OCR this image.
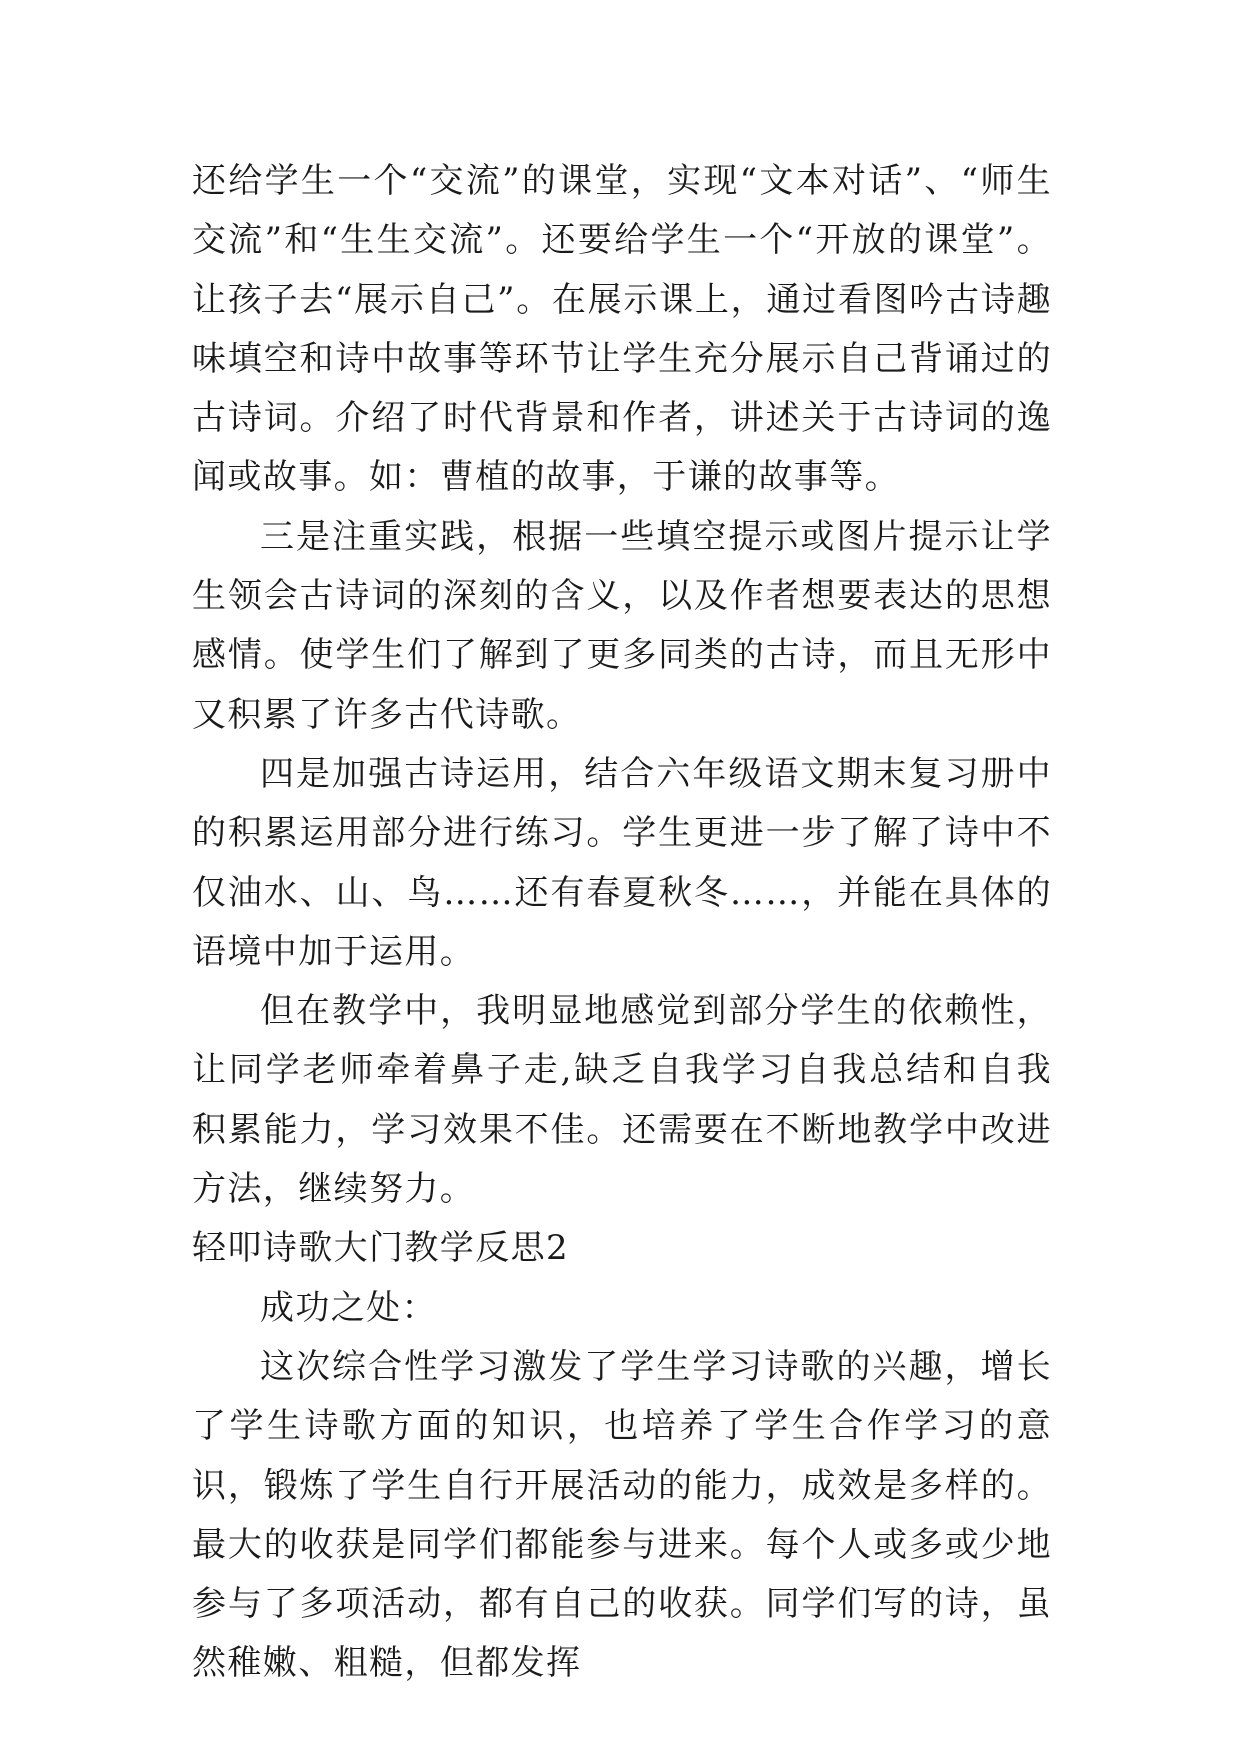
还给学生一个“交流”的课堂，实现“文本对话”、“师生交流”和“生生交流”。还要给学生一个“开放的课堂”。让孩子去“展示自己”。在展示课上，通过看图吟古诗趣味填空和诗中故事等环节让学生充分展示自己背诵过的古诗词。介绍了时代背景和作者，讲述关于古诗词的逸闻或故事。如：曹植的故事，于谦的故事等。

三是注重实践，根据一些填空提示或图片提示让学生领会古诗词的深刻的含义，以及作者想要表达的思想感情。使学生们了解到了更多同类的古诗，而且无形中又积累了许多古代诗歌。

四是加强古诗运用，结合六年级语文期末复习册中的积累运用部分进行练习。学生更进一步了解了诗中不仅油水、山、鸟……还有春夏秋冬……，并能在具体的语境中加于运用。

但在教学中，我明显地感觉到部分学生的依赖性，让同学老师牵着鼻子走,缺乏自我学习自我总结和自我积累能力，学习效果不佳。还需要在不断地教学中改进方法，继续努力。

轻叩诗歌大门教学反思2

成功之处：

这次综合性学习激发了学生学习诗歌的兴趣，增长了学生诗歌方面的知识，也培养了学生合作学习的意识，锻炼了学生自行开展活动的能力，成效是多样的。最大的收获是同学们都能参与进来。每个人或多或少地参与了多项活动，都有自己的收获。同学们写的诗，虽然稚嫩、粗糙，但都发挥
